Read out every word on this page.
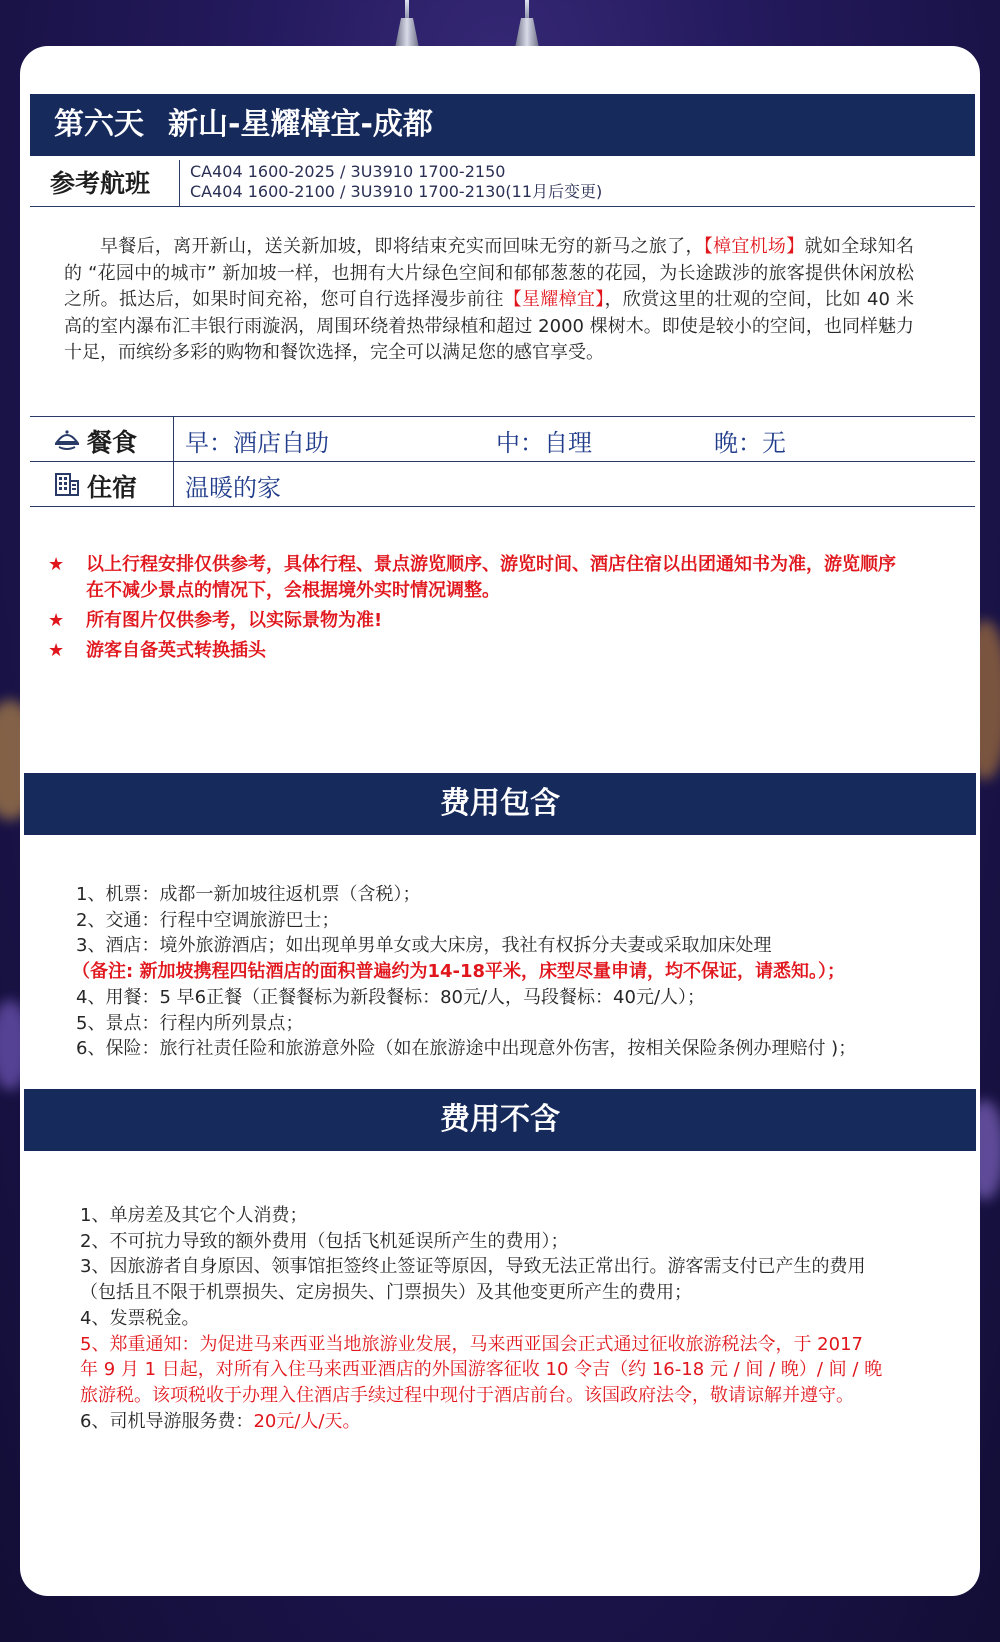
第六天 新山-星耀樟宜-成都
参考航班 CA404 1600-2025 / 3U3910 1700-2150
CA404 1600-2100 / 3U3910 1700-2130(11月后变更)
早餐后，离开新山，送关新加坡，即将结束充实而回味无穷的新马之旅了，【樟宜机场】就如全球知名的 “花园中的城市” 新加坡一样，也拥有大片绿色空间和郁郁葱葱的花园，为长途跋涉的旅客提供休闲放松之所。抵达后，如果时间充裕，您可自行选择漫步前往【星耀樟宜】，欣赏这里的壮观的空间，比如 40 米高的室内瀑布汇丰银行雨漩涡，周围环绕着热带绿植和超过 2000 棵树木。即使是较小的空间，也同样魅力十足，而缤纷多彩的购物和餐饮选择，完全可以满足您的感官享受。
餐食 早：酒店自助	中：自理	晚：无
住宿 温暖的家
★ 以上行程安排仅供参考，具体行程、景点游览顺序、游览时间、酒店住宿以出团通知书为准，游览顺序在不减少景点的情况下，会根据境外实时情况调整。
★ 所有图片仅供参考，以实际景物为准!
★ 游客自备英式转换插头
费用包含
1、机票：成都一新加坡往返机票（含税）；
2、交通：行程中空调旅游巴士；
3、酒店：境外旅游酒店；如出现单男单女或大床房，我社有权拆分夫妻或采取加床处理
（备注: 新加坡携程四钻酒店的面积普遍约为14-18平米，床型尽量申请，均不保证，请悉知。）；
4、用餐：5 早6正餐（正餐餐标为新段餐标：80元/人，马段餐标：40元/人）；
5、景点：行程内所列景点；
6、保险：旅行社责任险和旅游意外险（如在旅游途中出现意外伤害，按相关保险条例办理赔付 )；
费用不含
1、单房差及其它个人消费；
2、不可抗力导致的额外费用（包括飞机延误所产生的费用）；
3、因旅游者自身原因、领事馆拒签终止签证等原因，导致无法正常出行。游客需支付已产生的费用（包括且不限于机票损失、定房损失、门票损失）及其他变更所产生的费用；
4、发票税金。
5、郑重通知：为促进马来西亚当地旅游业发展，马来西亚国会正式通过征收旅游税法令，于 2017 年 9 月 1 日起，对所有入住马来西亚酒店的外国游客征收 10 令吉（约 16-18 元 / 间 / 晚）/ 间 / 晚旅游税。该项税收于办理入住酒店手续过程中现付于酒店前台。该国政府法令，敬请谅解并遵守。
6、司机导游服务费：20元/人/天。
